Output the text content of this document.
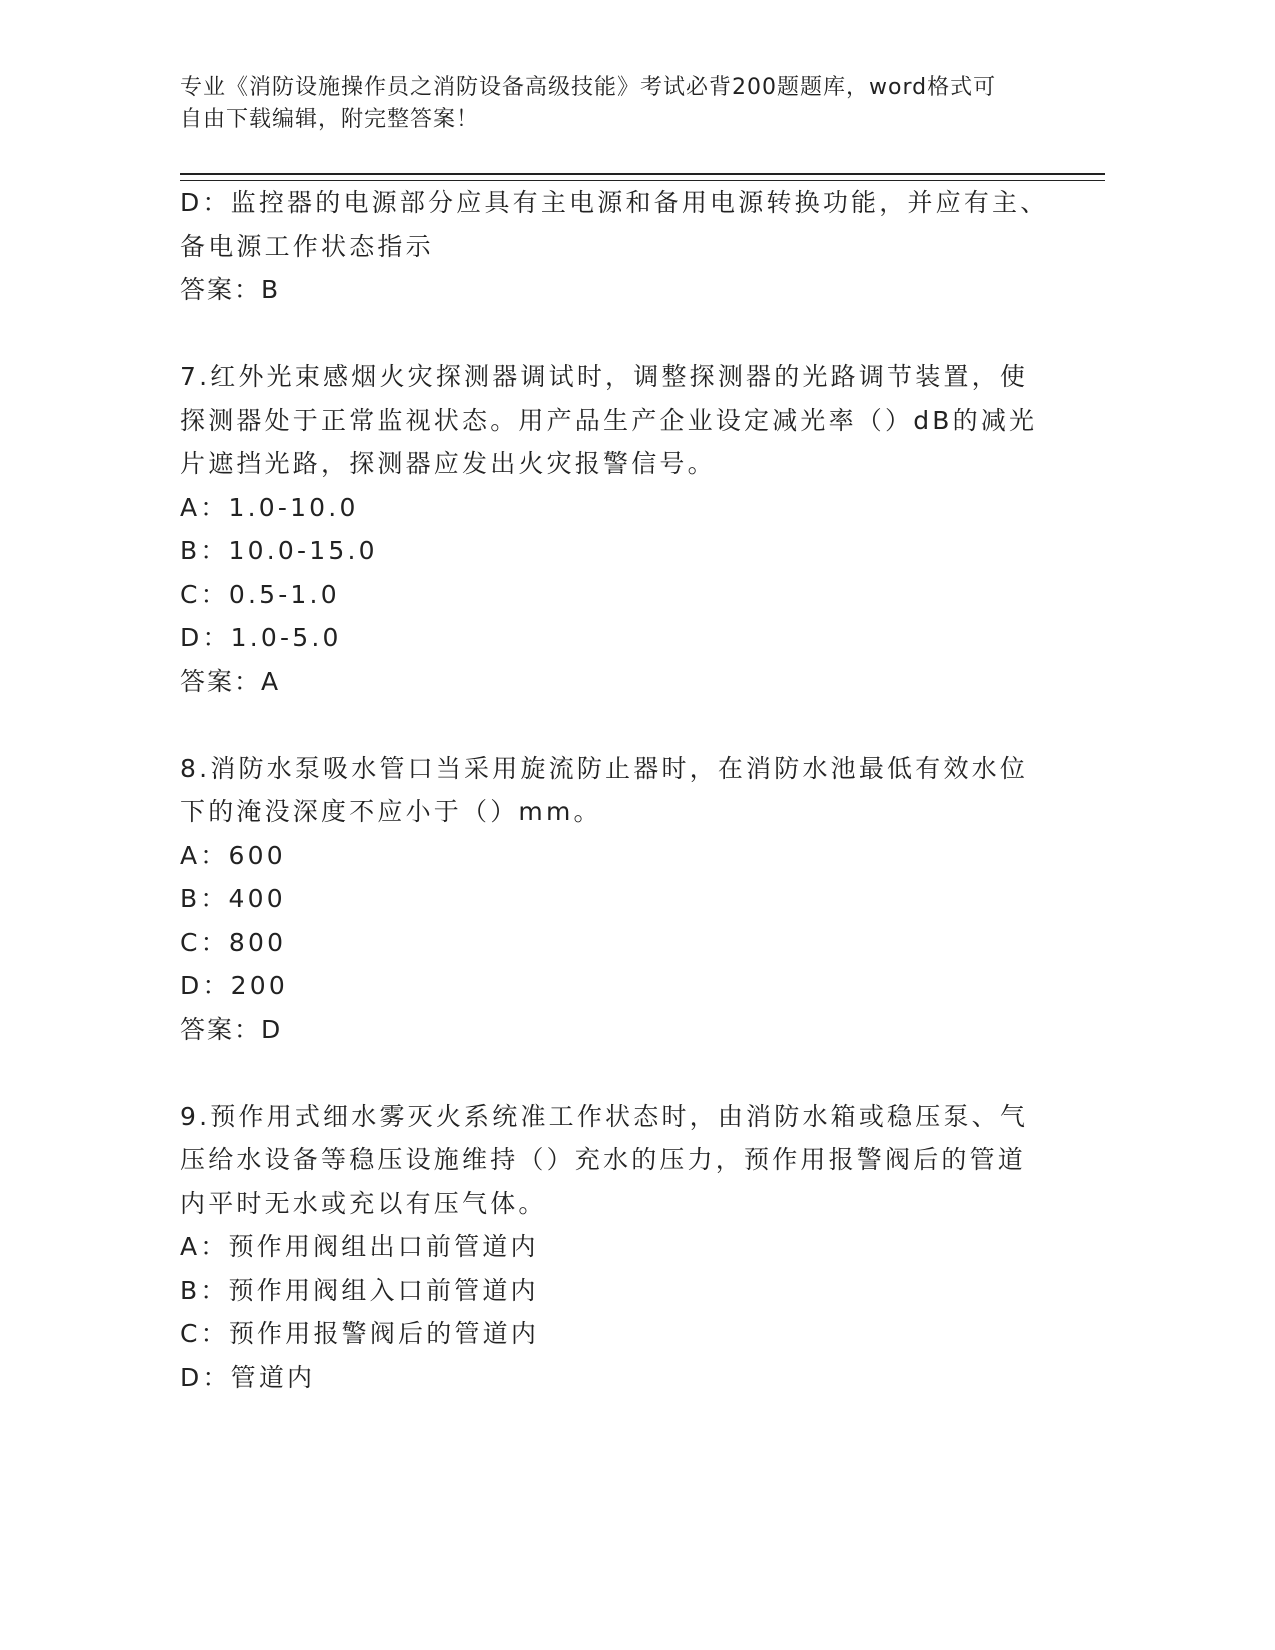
专业《消防设施操作员之消防设备高级技能》考试必背200题题库，word格式可
自由下载编辑，附完整答案！
D：监控器的电源部分应具有主电源和备用电源转换功能，并应有主、
备电源工作状态指示
答案：B
7.红外光束感烟火灾探测器调试时，调整探测器的光路调节装置，使
探测器处于正常监视状态。用产品生产企业设定减光率（）dB的减光
片遮挡光路，探测器应发出火灾报警信号。
A：1.0-10.0
B：10.0-15.0
C：0.5-1.0
D：1.0-5.0
答案：A
8.消防水泵吸水管口当采用旋流防止器时，在消防水池最低有效水位
下的淹没深度不应小于（）mm。
A：600
B：400
C：800
D：200
答案：D
9.预作用式细水雾灭火系统准工作状态时，由消防水箱或稳压泵、气
压给水设备等稳压设施维持（）充水的压力，预作用报警阀后的管道
内平时无水或充以有压气体。
A：预作用阀组出口前管道内
B：预作用阀组入口前管道内
C：预作用报警阀后的管道内
D：管道内
